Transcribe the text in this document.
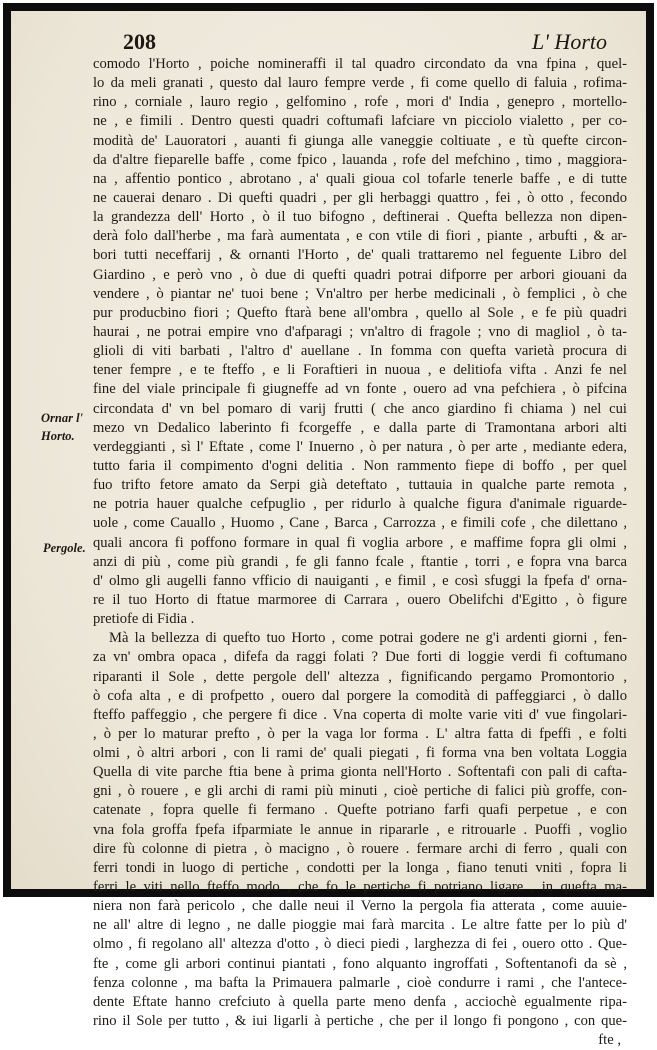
208	L' Horto
Ornar l' Horto.
Pergole.
comodo l'Horto , poiche nomineraffi il tal quadro circondato da vna fpina , quel-
lo da meli granati , questo dal lauro fempre verde , fi come quello di faluia , rofima-
rino , corniale , lauro regio , gelfomino , rofe , mori d' India , genepro , mortello-
ne , e fimili . Dentro questi quadri coftumafi lafciare vn picciolo vialetto , per co-
modità de' Lauoratori , auanti fi giunga alle vaneggie coltiuate , e tù quefte circon-
da d'altre fieparelle baffe , come fpico , lauanda , rofe del mefchino , timo , maggiora-
na , affentio pontico , abrotano , a' quali gioua col tofarle tenerle baffe , e di tutte
ne cauerai denaro . Di quefti quadri , per gli herbaggi quattro , fei , ò otto , fecondo
la grandezza dell' Horto , ò il tuo bifogno , deftinerai . Quefta bellezza non dipen-
derà folo dall'herbe , ma farà aumentata , e con vtile di fiori , piante , arbufti , & ar-
bori tutti neceffarij , & ornanti l'Horto , de' quali trattaremo nel feguente Libro del
Giardino , e però vno , ò due di quefti quadri potrai difporre per arbori giouani da
vendere , ò piantar ne' tuoi bene ; Vn'altro per herbe medicinali , ò femplici , ò che
pur producbino fiori ; Quefto ftarà bene all'ombra , quello al Sole , e fe più quadri
haurai , ne potrai empire vno d'afparagi ; vn'altro di fragole ; vno di magliol , ò ta-
glioli di viti barbati , l'altro d' auellane . In fomma con quefta varietà procura di
tener fempre , e te fteffo , e li Foraftieri in nuoua , e delitiofa vifta . Anzi fe nel
fine del viale principale fi giugneffe ad vn fonte , ouero ad vna pefchiera , ò pifcina
circondata d' vn bel pomaro di varij frutti ( che anco giardino fi chiama ) nel cui
mezo vn Dedalico laberinto fi fcorgeffe , e dalla parte di Tramontana arbori alti
verdeggianti , sì l' Eftate , come l' Inuerno , ò per natura , ò per arte , mediante edera,
tutto faria il compimento d'ogni delitia . Non rammento fiepe di boffo , per quel
fuo trifto fetore amato da Serpi già deteftato , tuttauia in qualche parte remota ,
ne potria hauer qualche cefpuglio , per ridurlo à qualche figura d'animale riguarde-
uole , come Cauallo , Huomo , Cane , Barca , Carrozza , e fimili cofe , che dilettano ,
quali ancora fi poffono formare in qual fi voglia arbore , e maffime fopra gli olmi ,
anzi di più , come più grandi , fe gli fanno fcale , ftantie , torri , e fopra vna barca
d' olmo gli augelli fanno vfficio di nauiganti , e fimil , e così sfuggi la fpefa d' orna-
re il tuo Horto di ftatue marmoree di Carrara , ouero Obelifchi d'Egitto , ò figure
pretiofe di Fidia .
Mà la bellezza di quefto tuo Horto , come potrai godere ne g'i ardenti giorni , fen-
za vn' ombra opaca , difefa da raggi folati ? Due forti di loggie verdi fi coftumano
riparanti il Sole , dette pergole dell' altezza , fignificando pergamo Promontorio ,
ò cofa alta , e di profpetto , ouero dal porgere la comodità di paffeggiarci , ò dallo
fteffo paffeggio , che pergere fi dice . Vna coperta di molte varie viti d' vue fingolari-
, ò per lo maturar prefto , ò per la vaga lor forma . L' altra fatta di fpeffi , e folti
olmi , ò altri arbori , con li rami de' quali piegati , fi forma vna ben voltata Loggia
Quella di vite parche ftia bene à prima gionta nell'Horto . Softentafi con pali di cafta-
gni , ò rouere , e gli archi di rami più minuti , cioè pertiche di falici più groffe, con-
catenate , fopra quelle fi fermano . Quefte potriano farfi quafi perpetue , e con
vna fola groffa fpefa ifparmiate le annue in ripararle , e ritrouarle . Puoffi , voglio
dire fù colonne di pietra , ò macigno , ò rouere . fermare archi di ferro , quali con
ferri tondi in luogo di pertiche , condotti per la longa , fiano tenuti vniti , fopra li
ferri le viti nello fteffo modo , che fo le pertiche fi potriano ligare , in quefta ma-
niera non farà pericolo , che dalle neui il Verno la pergola fia atterata , come auuie-
ne all' altre di legno , ne dalle pioggie mai farà marcita . Le altre fatte per lo più d'
olmo , fi regolano all' altezza d'otto , ò dieci piedi , larghezza di fei , ouero otto . Que-
fte , come gli arbori continui piantati , fono alquanto ingroffati , Softentanofi da sè ,
fenza colonne , ma bafta la Primauera palmarle , cioè condurre i rami , che l'antece-
dente Eftate hanno crefciuto à quella parte meno denfa , acciochè egualmente ripa-
rino il Sole per tutto , & iui ligarli à pertiche , che per il longo fi pongono , con que-
fte ,
